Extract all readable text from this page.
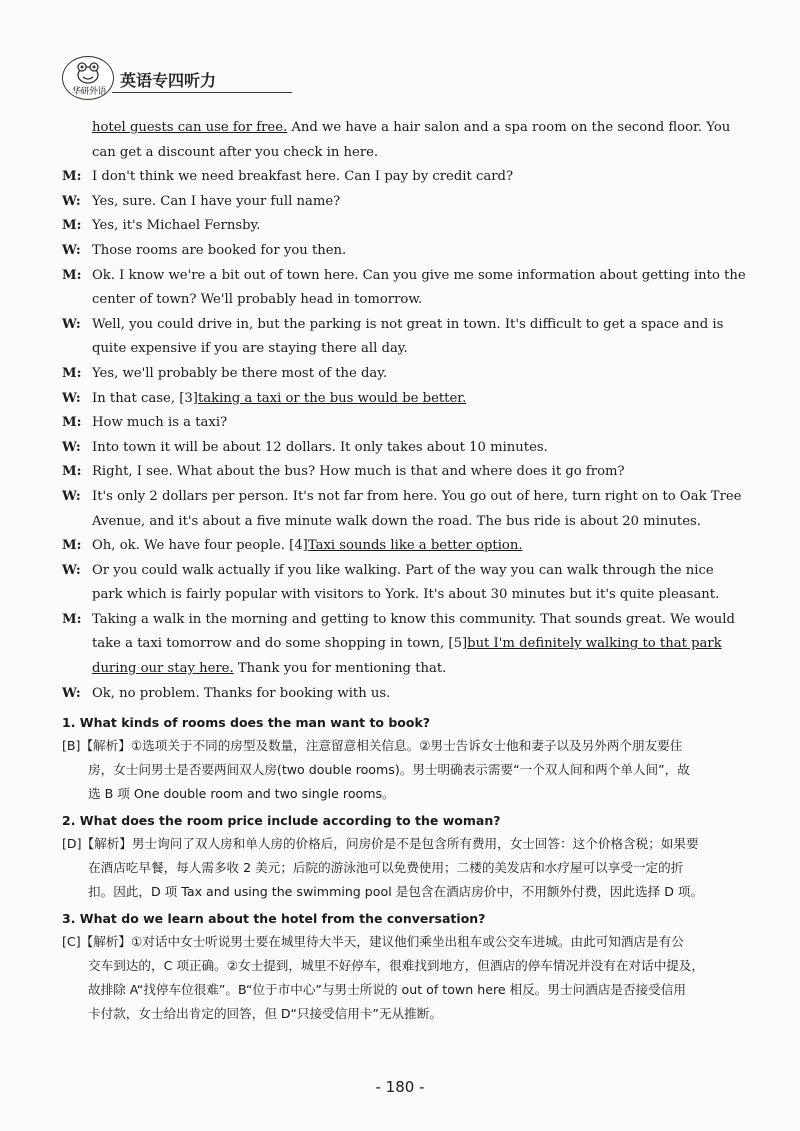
华研外语
英语专四听力

hotel guests can use for free. And we have a hair salon and a spa room on the second floor. You

can get a discount after you check in here.

M: I don't think we need breakfast here. Can I pay by credit card?

W: Yes, sure. Can I have your full name?

M: Yes, it's Michael Fernsby.

W: Those rooms are booked for you then.

M: Ok. I know we're a bit out of town here. Can you give me some information about getting into the

center of town? We'll probably head in tomorrow.

W: Well, you could drive in, but the parking is not great in town. It's difficult to get a space and is

quite expensive if you are staying there all day.

M: Yes, we'll probably be there most of the day.

W: In that case, [3]taking a taxi or the bus would be better.

M: How much is a taxi?

W: Into town it will be about 12 dollars. It only takes about 10 minutes.

M: Right, I see. What about the bus? How much is that and where does it go from?

W: It's only 2 dollars per person. It's not far from here. You go out of here, turn right on to Oak Tree

Avenue, and it's about a five minute walk down the road. The bus ride is about 20 minutes.

M: Oh, ok. We have four people. [4]Taxi sounds like a better option.

W: Or you could walk actually if you like walking. Part of the way you can walk through the nice

park which is fairly popular with visitors to York. It's about 30 minutes but it's quite pleasant.

M: Taking a walk in the morning and getting to know this community. That sounds great. We would

take a taxi tomorrow and do some shopping in town, [5]but I'm definitely walking to that park

during our stay here. Thank you for mentioning that.

W: Ok, no problem. Thanks for booking with us.

1. What kinds of rooms does the man want to book?
[B]【解析】①选项关于不同的房型及数量，注意留意相关信息。②男士告诉女士他和妻子以及另外两个朋友要住
房，女士问男士是否要两间双人房(two double rooms)。男士明确表示需要“一个双人间和两个单人间”，故
选 B 项 One double room and two single rooms。
2. What does the room price include according to the woman?
[D]【解析】男士询问了双人房和单人房的价格后，问房价是不是包含所有费用，女士回答：这个价格含税；如果要
在酒店吃早餐，每人需多收 2 美元；后院的游泳池可以免费使用；二楼的美发店和水疗屋可以享受一定的折
扣。因此，D 项 Tax and using the swimming pool 是包含在酒店房价中，不用额外付费，因此选择 D 项。
3. What do we learn about the hotel from the conversation?
[C]【解析】①对话中女士听说男士要在城里待大半天，建议他们乘坐出租车或公交车进城。由此可知酒店是有公
交车到达的，C 项正确。②女士提到，城里不好停车，很难找到地方，但酒店的停车情况并没有在对话中提及，
故排除 A“找停车位很难”。B“位于市中心”与男士所说的 out of town here 相反。男士问酒店是否接受信用
卡付款，女士给出肯定的回答，但 D“只接受信用卡”无从推断。
- 180 -
